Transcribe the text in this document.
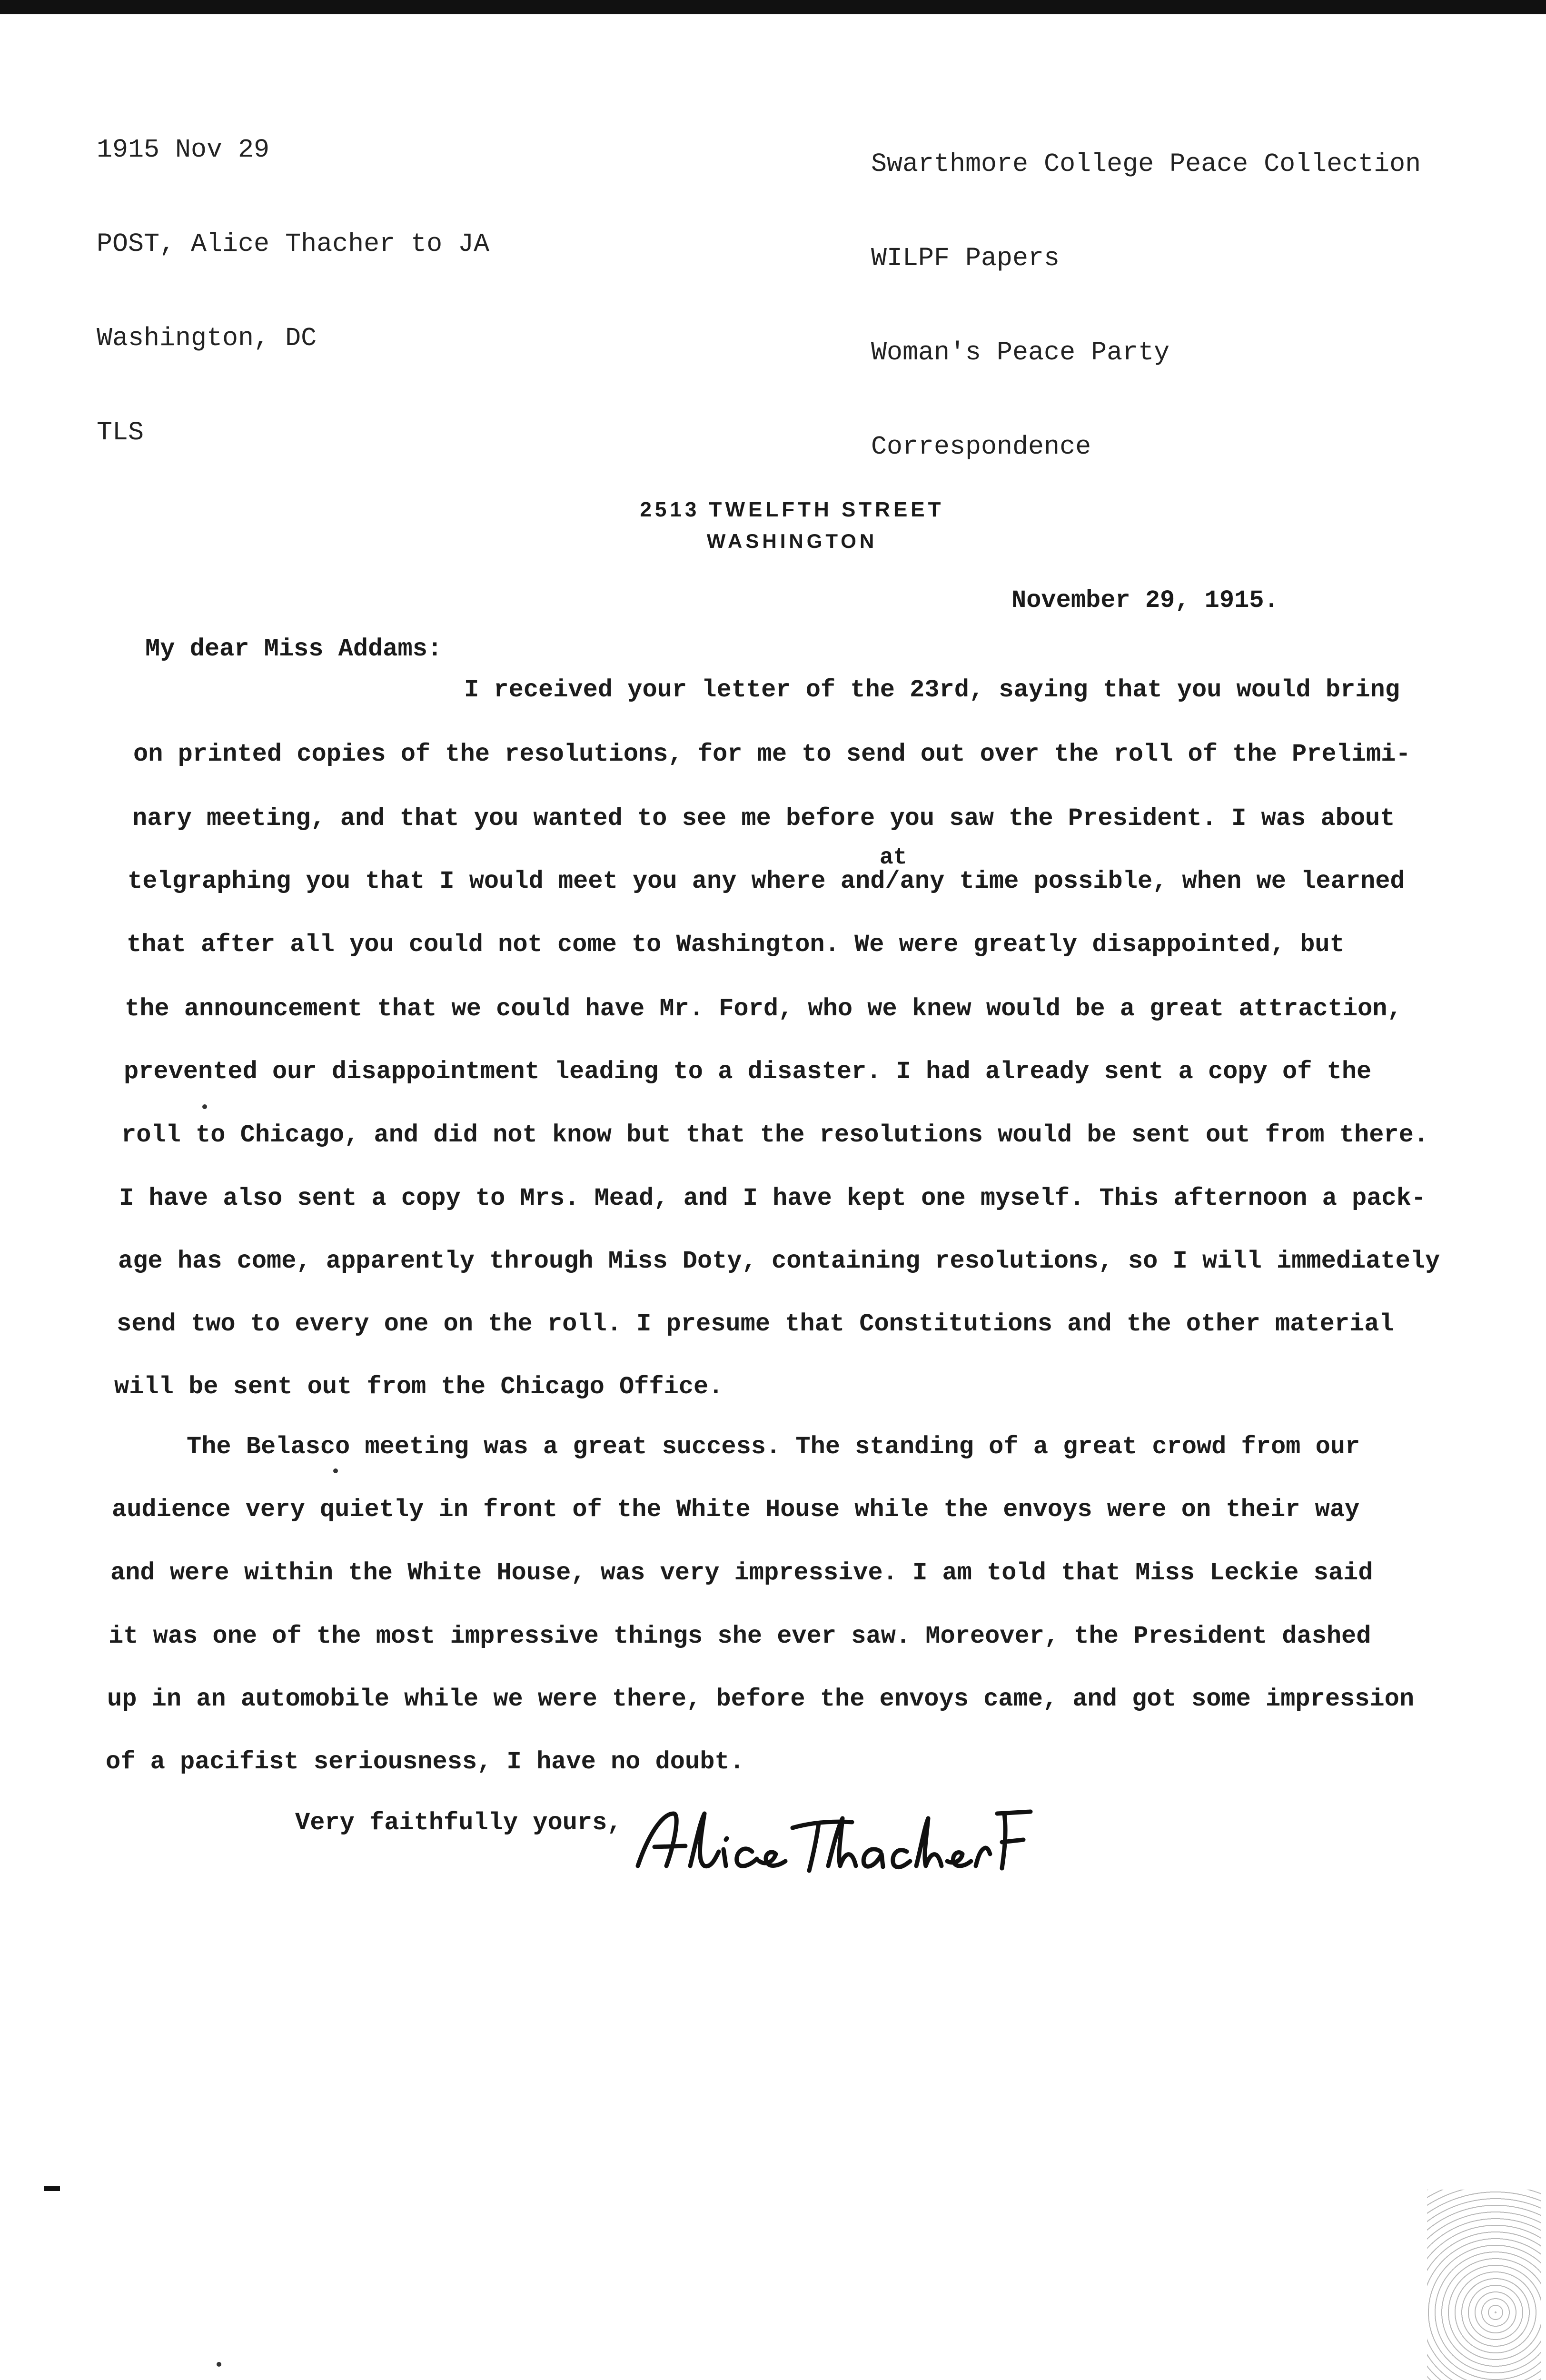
1915 Nov 29

POST, Alice Thacher to JA

Washington, DC

TLS

Swarthmore College Peace Collection

WILPF Papers

Woman's Peace Party

Correspondence

2513 TWELFTH STREET
WASHINGTON
November 29, 1915.
My dear Miss Addams:
at
I received your letter of the 23rd, saying that you would bring
on printed copies of the resolutions, for me to send out over the roll of the Prelimi-
nary meeting, and that you wanted to see me before you saw the President. I was about
telgraphing you that I would meet you any where and/any time possible, when we learned
that after all you could not come to Washington. We were greatly disappointed, but
the announcement that we could have Mr. Ford, who we knew would be a great attraction,
prevented our disappointment leading to a disaster. I had already sent a copy of the
roll to Chicago, and did not know but that the resolutions would be sent out from there.
I have also sent a copy to Mrs. Mead, and I have kept one myself. This afternoon a pack-
age has come, apparently through Miss Doty, containing resolutions, so I will immediately
send two to every one on the roll. I presume that Constitutions and the other material
will be sent out from the Chicago Office.
The Belasco meeting was a great success. The standing of a great crowd from our
audience very quietly in front of the White House while the envoys were on their way
and were within the White House, was very impressive. I am told that Miss Leckie said
it was one of the most impressive things she ever saw. Moreover, the President dashed
up in an automobile while we were there, before the envoys came, and got some impression
of a pacifist seriousness, I have no doubt.
Very faithfully yours,
